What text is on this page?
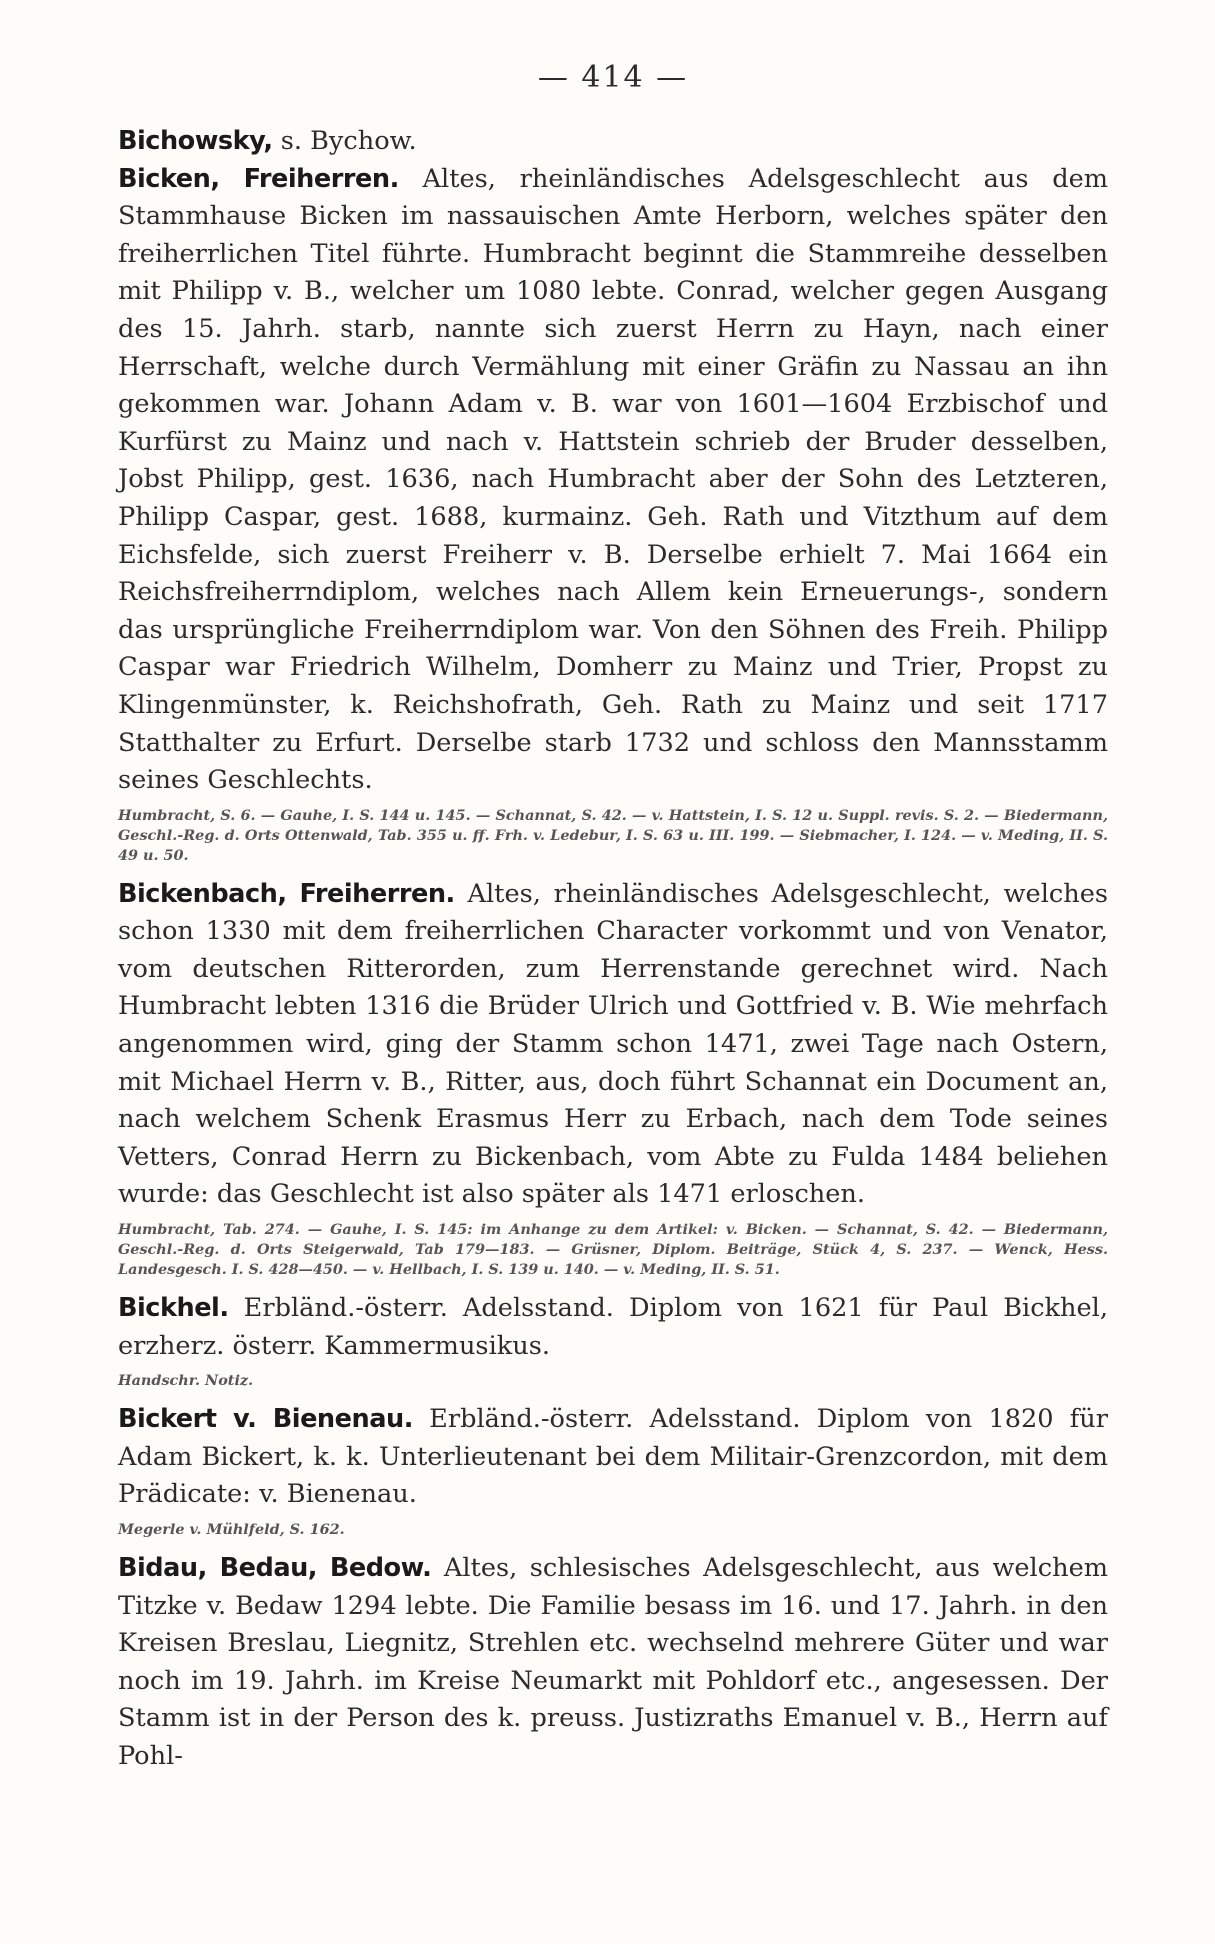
— 414 —

Bichowsky, s. Bychow.

Bicken, Freiherren. Altes, rheinländisches Adelsgeschlecht aus dem Stammhause Bicken im nassauischen Amte Herborn, welches später den freiherrlichen Titel führte. Humbracht beginnt die Stammreihe desselben mit Philipp v. B., welcher um 1080 lebte. Conrad, welcher gegen Ausgang des 15. Jahrh. starb, nannte sich zuerst Herrn zu Hayn, nach einer Herrschaft, welche durch Vermählung mit einer Gräfin zu Nassau an ihn gekommen war. Johann Adam v. B. war von 1601—1604 Erzbischof und Kurfürst zu Mainz und nach v. Hattstein schrieb der Bruder desselben, Jobst Philipp, gest. 1636, nach Humbracht aber der Sohn des Letzteren, Philipp Caspar, gest. 1688, kurmainz. Geh. Rath und Vitzthum auf dem Eichsfelde, sich zuerst Freiherr v. B. Derselbe erhielt 7. Mai 1664 ein Reichsfreiherrndiplom, welches nach Allem kein Erneuerungs-, sondern das ursprüngliche Freiherrndiplom war. Von den Söhnen des Freih. Philipp Caspar war Friedrich Wilhelm, Domherr zu Mainz und Trier, Propst zu Klingenmünster, k. Reichshofrath, Geh. Rath zu Mainz und seit 1717 Statthalter zu Erfurt. Derselbe starb 1732 und schloss den Mannsstamm seines Geschlechts.

Humbracht, S. 6. — Gauhe, I. S. 144 u. 145. — Schannat, S. 42. — v. Hattstein, I. S. 12 u. Suppl. revis. S. 2. — Biedermann, Geschl.-Reg. d. Orts Ottenwald, Tab. 355 u. ff. Frh. v. Ledebur, I. S. 63 u. III. 199. — Siebmacher, I. 124. — v. Meding, II. S. 49 u. 50.

Bickenbach, Freiherren. Altes, rheinländisches Adelsgeschlecht, welches schon 1330 mit dem freiherrlichen Character vorkommt und von Venator, vom deutschen Ritterorden, zum Herrenstande gerechnet wird. Nach Humbracht lebten 1316 die Brüder Ulrich und Gottfried v. B. Wie mehrfach angenommen wird, ging der Stamm schon 1471, zwei Tage nach Ostern, mit Michael Herrn v. B., Ritter, aus, doch führt Schannat ein Document an, nach welchem Schenk Erasmus Herr zu Erbach, nach dem Tode seines Vetters, Conrad Herrn zu Bickenbach, vom Abte zu Fulda 1484 beliehen wurde: das Geschlecht ist also später als 1471 erloschen.

Humbracht, Tab. 274. — Gauhe, I. S. 145: im Anhange zu dem Artikel: v. Bicken. — Schannat, S. 42. — Biedermann, Geschl.-Reg. d. Orts Steigerwald, Tab 179—183. — Grüsner, Diplom. Beiträge, Stück 4, S. 237. — Wenck, Hess. Landesgesch. I. S. 428—450. — v. Hellbach, I. S. 139 u. 140. — v. Meding, II. S. 51.

Bickhel. Erbländ.-österr. Adelsstand. Diplom von 1621 für Paul Bickhel, erzherz. österr. Kammermusikus.

Handschr. Notiz.

Bickert v. Bienenau. Erbländ.-österr. Adelsstand. Diplom von 1820 für Adam Bickert, k. k. Unterlieutenant bei dem Militair-Grenzcordon, mit dem Prädicate: v. Bienenau.

Megerle v. Mühlfeld, S. 162.

Bidau, Bedau, Bedow. Altes, schlesisches Adelsgeschlecht, aus welchem Titzke v. Bedaw 1294 lebte. Die Familie besass im 16. und 17. Jahrh. in den Kreisen Breslau, Liegnitz, Strehlen etc. wechselnd mehrere Güter und war noch im 19. Jahrh. im Kreise Neumarkt mit Pohldorf etc., angesessen. Der Stamm ist in der Person des k. preuss. Justizraths Emanuel v. B., Herrn auf Pohl-
